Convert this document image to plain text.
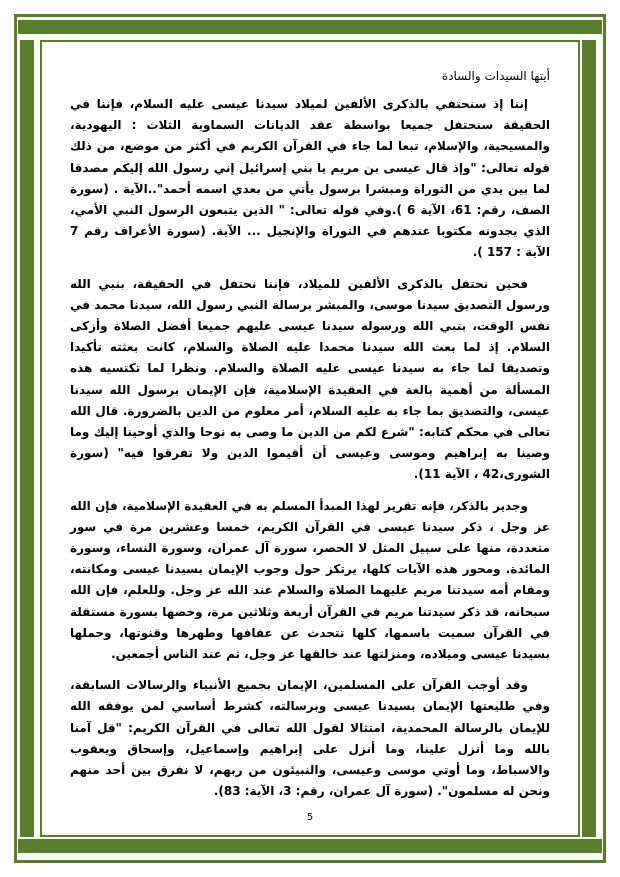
أيتها السيدات والسادة

إننا إذ سنحتفي بالذكرى الألفين لميلاد سيدنا عيسى عليه السلام، فإننا في الحقيقة سنحتفل جميعا بواسطة عقد الديانات السماوية الثلاث : اليهودية، والمسيحية، والإسلام، تبعا لما جاء في القرآن الكريم في أكثر من موضع، من ذلك قوله تعالى: "وإذ قال عيسى بن مريم يا بني إسرائيل إني رسول الله إليكم مصدقا لما بين يدي من التوراة ومبشرا برسول يأتي من بعدي اسمه أحمد"..الآية . (سورة الصف، رقم: 61، الآية 6 ).وفي قوله تعالى: " الذين يتبعون الرسول النبي الأمي، الذي يجدونه مكتوبا عندهم في التوراة والإنجيل ... الآية. (سورة الأعراف رقم 7 الآية : 157 ).

فحين نحتفل بالذكرى الألفين للميلاد، فإننا نحتفل في الحقيقة، بنبي الله ورسول التصديق سيدنا موسى، والمبشر برسالة النبي رسول الله، سيدنا محمد في نفس الوقت، بنبي الله ورسوله سيدنا عيسى عليهم جميعا أفضل الصلاة وأزكى السلام. إذ لما بعث الله سيدنا محمدا عليه الصلاة والسلام، كانت بعثته تأكيدا وتصديقا لما جاء به سيدنا عيسى عليه الصلاة والسلام. ونظرا لما تكتسيه هذه المسألة من أهمية بالغة في العقيدة الإسلامية، فإن الإيمان برسول الله سيدنا عيسى، والتصديق بما جاء به عليه السلام، أمر معلوم من الدين بالضرورة. قال الله تعالى في محكم كتابه: "شرع لكم من الدين ما وصى به نوحا والذي أوحينا إليك وما وصينا به إبراهيم وموسى وعيسى أن أقيموا الدين ولا تفرقوا فيه" (سورة الشورى،42 ، الآية 11).

وجدير بالذكر، فإنه تقرير لهذا المبدأ المسلم به في العقيدة الإسلامية، فإن الله عز وجل ، ذكر سيدنا عيسى في القرآن الكريم، خمسا وعشرين مرة في سور متعددة، منها على سبيل المثل لا الحصر، سورة آل عمران، وسورة النساء، وسورة المائدة. ومحور هذه الآيات كلها، يرتكز حول وجوب الإيمان بسيدنا عيسى ومكانته، ومقام أمه سيدتنا مريم عليهما الصلاة والسلام عند الله عز وجل. وللعلم، فإن الله سبحانه، قد ذكر سيدتنا مريم في القرآن أربعة وثلاثين مرة، وخصها بسورة مستقلة في القرآن سميت باسمها، كلها تتحدث عن عفافها وطهرها وقنوتها، وحملها بسيدنا عيسى وميلاده، ومنزلتها عند خالقها عز وجل، ثم عند الناس أجمعين.

وقد أوجب القرآن على المسلمين، الإيمان بجميع الأنبياء والرسالات السابقة، وفي طليعتها الإيمان بسيدنا عيسى وبرسالته، كشرط أساسي لمن يوفقه الله للإيمان بالرسالة المحمدية، امتثالا لقول الله تعالى في القرآن الكريم: "قل آمنا بالله وما أنزل علينا، وما أنزل على إبراهيم وإسماعيل، وإسحاق ويعقوب والاسباط، وما أوتي موسى وعيسى، والنبيئون من ربهم، لا نفرق بين أحد منهم ونحن له مسلمون". (سورة آل عمران، رقم: 3، الآية: 83).

5
